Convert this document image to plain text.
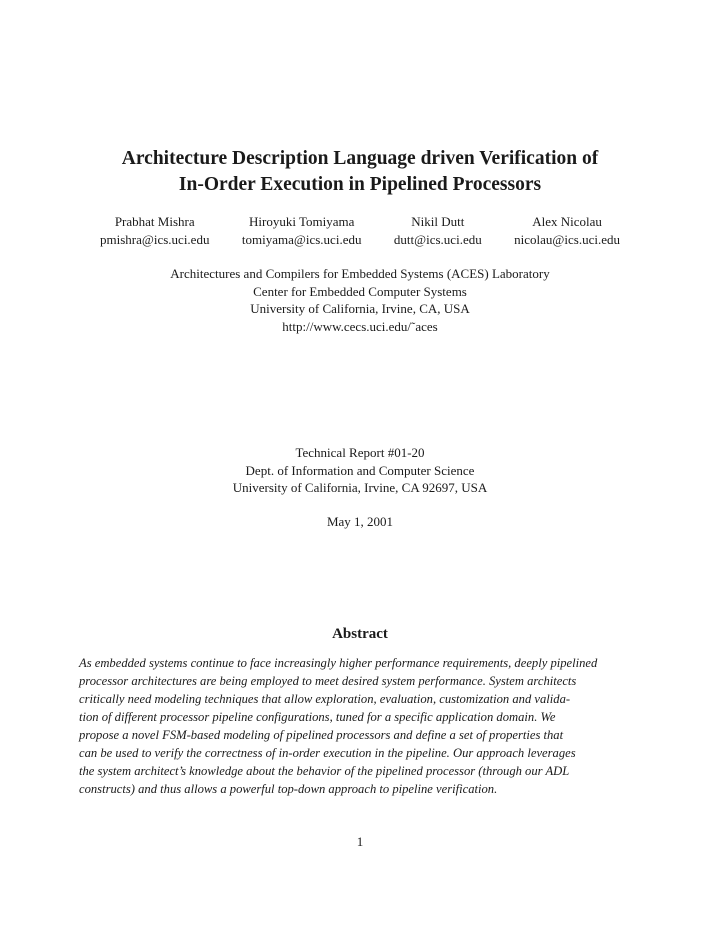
Architecture Description Language driven Verification of
In-Order Execution in Pipelined Processors
Prabhat Mishra
pmishra@ics.uci.edu
Hiroyuki Tomiyama
tomiyama@ics.uci.edu
Nikil Dutt
dutt@ics.uci.edu
Alex Nicolau
nicolau@ics.uci.edu
Architectures and Compilers for Embedded Systems (ACES) Laboratory
Center for Embedded Computer Systems
University of California, Irvine, CA, USA
http://www.cecs.uci.edu/˜aces
Technical Report #01-20
Dept. of Information and Computer Science
University of California, Irvine, CA 92697, USA
May 1, 2001
Abstract
As embedded systems continue to face increasingly higher performance requirements, deeply pipelined
processor architectures are being employed to meet desired system performance. System architects
critically need modeling techniques that allow exploration, evaluation, customization and valida-
tion of different processor pipeline configurations, tuned for a specific application domain. We
propose a novel FSM-based modeling of pipelined processors and define a set of properties that
can be used to verify the correctness of in-order execution in the pipeline. Our approach leverages
the system architect’s knowledge about the behavior of the pipelined processor (through our ADL
constructs) and thus allows a powerful top-down approach to pipeline verification.
1
